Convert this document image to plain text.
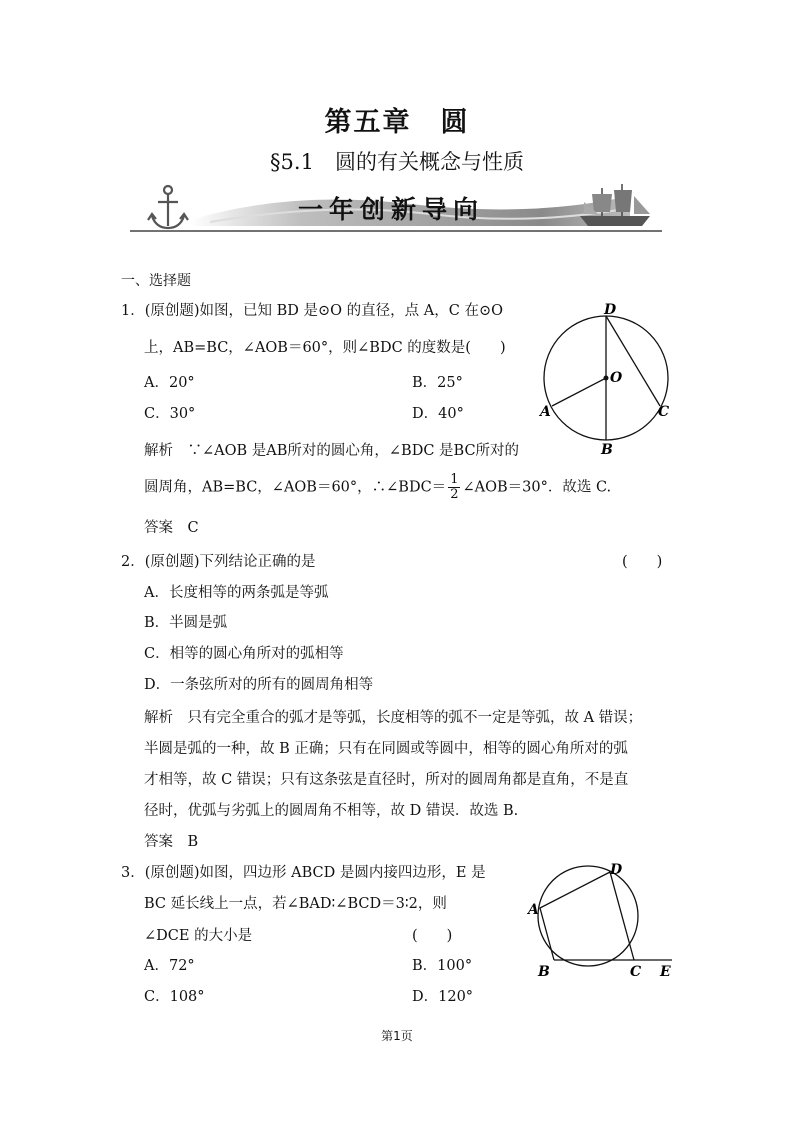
第五章　圆
§5.1　圆的有关概念与性质
一年创新导向
一、选择题
1．(原创题)如图，已知 BD 是⊙O 的直径，点 A，C 在⊙O
上，AB=BC，∠AOB＝60°，则∠BDC 的度数是(　　)
A．20°	B．25°
C．30°	D．40°
解析　∵∠AOB 是AB所对的圆心角，∠BDC 是BC所对的
圆周角，AB=BC，∠AOB＝60°，∴∠BDC＝ $\frac{1}{2}$ ∠AOB＝30°．故选 C.
答案　C
D
O
A	C
B
2．(原创题)下列结论正确的是	(　　)
A．长度相等的两条弧是等弧
B．半圆是弧
C．相等的圆心角所对的弧相等
D．一条弦所对的所有的圆周角相等
解析　只有完全重合的弧才是等弧，长度相等的弧不一定是等弧，故 A 错误；
半圆是弧的一种，故 B 正确；只有在同圆或等圆中，相等的圆心角所对的弧
才相等，故 C 错误；只有这条弦是直径时，所对的圆周角都是直角，不是直
径时，优弧与劣弧上的圆周角不相等，故 D 错误．故选 B.
答案　B
3．(原创题)如图，四边形 ABCD 是圆内接四边形，E 是
BC 延长线上一点，若∠BAD∶∠BCD＝3∶2，则
∠DCE 的大小是	(　　)
A．72°	B．100°
C．108°	D．120°
D
A
B	C E
第1页
